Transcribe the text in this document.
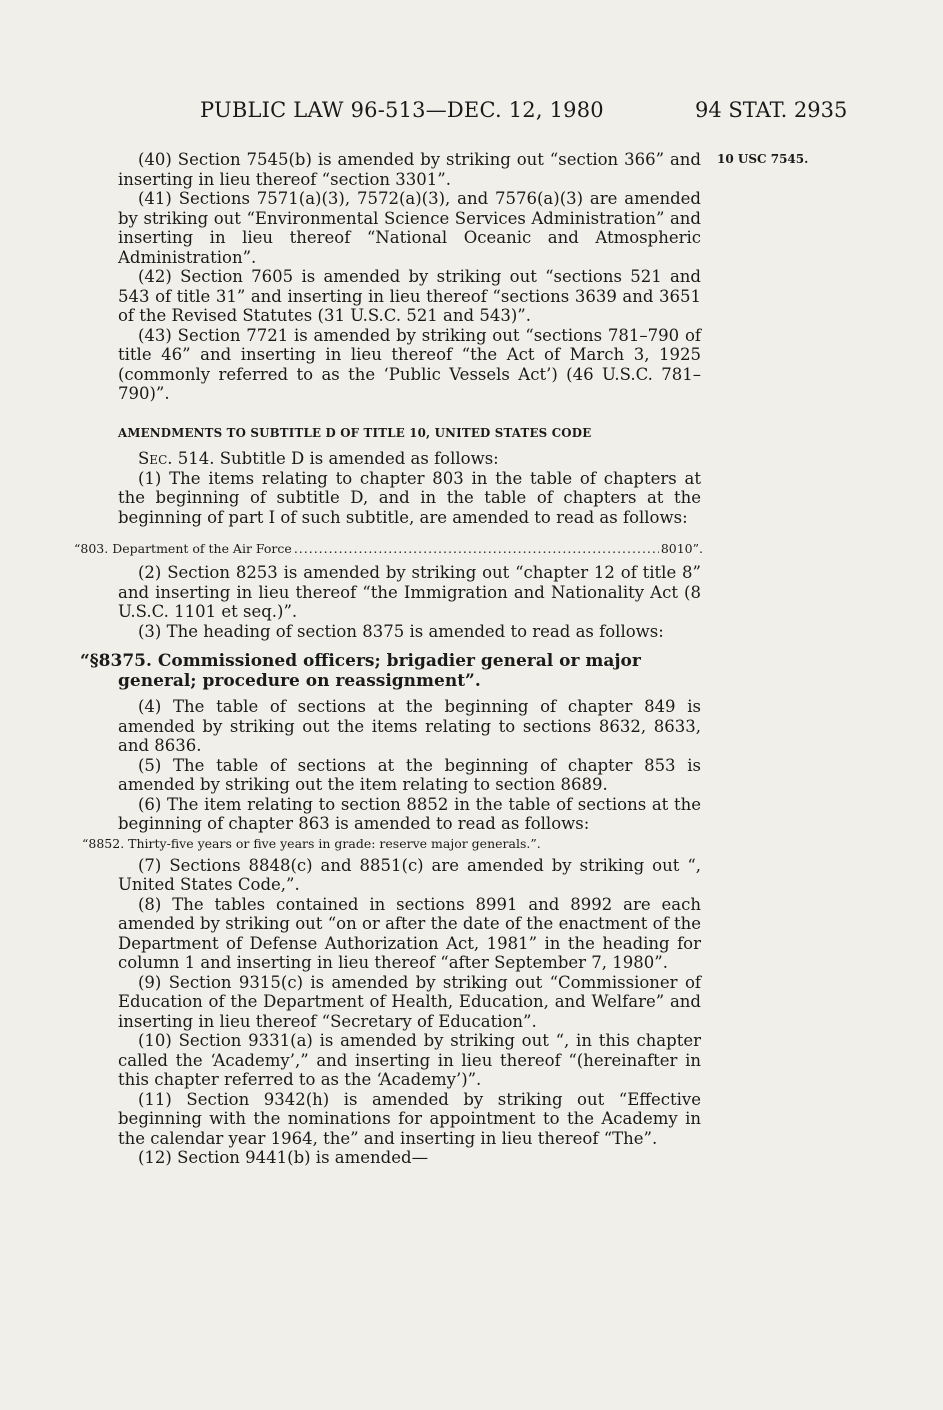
PUBLIC LAW 96-513—DEC. 12, 1980	94 STAT. 2935
10 USC 7545.

(40) Section 7545(b) is amended by striking out “section 366” and inserting in lieu thereof “section 3301”.

(41) Sections 7571(a)(3), 7572(a)(3), and 7576(a)(3) are amended by striking out “Environmental Science Services Administration” and inserting in lieu thereof “National Oceanic and Atmospheric Administration”.

(42) Section 7605 is amended by striking out “sections 521 and 543 of title 31” and inserting in lieu thereof “sections 3639 and 3651 of the Revised Statutes (31 U.S.C. 521 and 543)”.

(43) Section 7721 is amended by striking out “sections 781–790 of title 46” and inserting in lieu thereof “the Act of March 3, 1925 (commonly referred to as the ‘Public Vessels Act’) (46 U.S.C. 781–790)”.

AMENDMENTS TO SUBTITLE D OF TITLE 10, UNITED STATES CODE

Sec. 514. Subtitle D is amended as follows:

(1) The items relating to chapter 803 in the table of chapters at the beginning of subtitle D, and in the table of chapters at the beginning of part I of such subtitle, are amended to read as follows:

“803. Department of the Air Force
.....	8010”.

(2) Section 8253 is amended by striking out “chapter 12 of title 8” and inserting in lieu thereof “the Immigration and Nationality Act (8 U.S.C. 1101 et seq.)”.

(3) The heading of section 8375 is amended to read as follows:

“§8375. Commissioned officers; brigadier general or major general; procedure on reassignment”.

(4) The table of sections at the beginning of chapter 849 is amended by striking out the items relating to sections 8632, 8633, and 8636.

(5) The table of sections at the beginning of chapter 853 is amended by striking out the item relating to section 8689.

(6) The item relating to section 8852 in the table of sections at the beginning of chapter 863 is amended to read as follows:

“8852. Thirty-five years or five years in grade: reserve major generals.”.

(7) Sections 8848(c) and 8851(c) are amended by striking out “, United States Code,”.

(8) The tables contained in sections 8991 and 8992 are each amended by striking out “on or after the date of the enactment of the Department of Defense Authorization Act, 1981” in the heading for column 1 and inserting in lieu thereof “after September 7, 1980”.

(9) Section 9315(c) is amended by striking out “Commissioner of Education of the Department of Health, Education, and Welfare” and inserting in lieu thereof “Secretary of Education”.

(10) Section 9331(a) is amended by striking out “, in this chapter called the ‘Academy’,” and inserting in lieu thereof “(hereinafter in this chapter referred to as the ‘Academy’)”.

(11) Section 9342(h) is amended by striking out “Effective beginning with the nominations for appointment to the Academy in the calendar year 1964, the” and inserting in lieu thereof “The”.

(12) Section 9441(b) is amended—
